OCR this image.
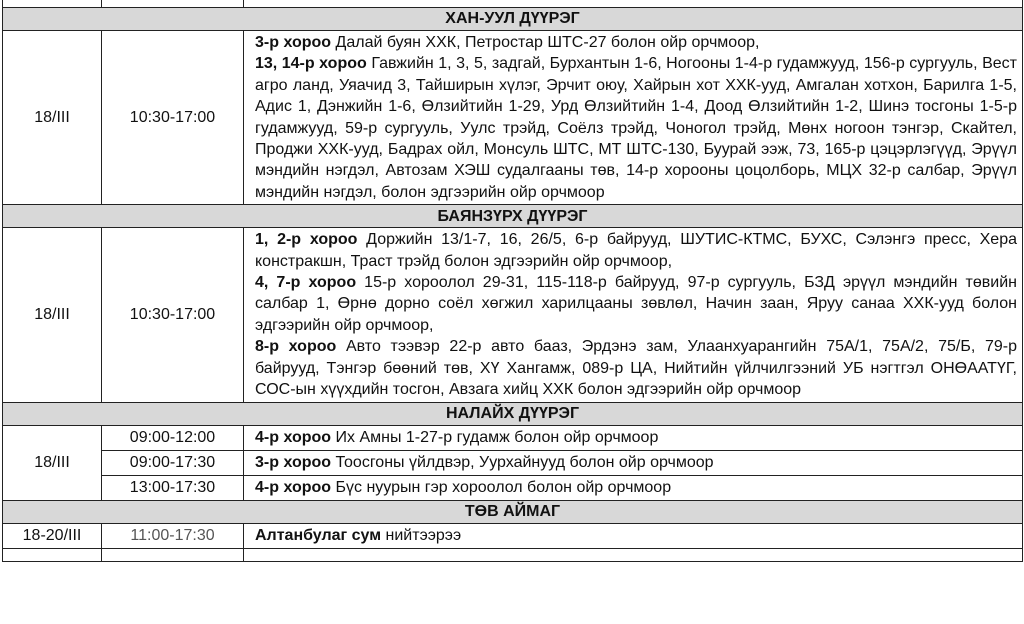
ХАН-УУЛ ДҮҮРЭГ		
18/III	10:30-17:00	3-р хороо Далай буян ХХК, Петростар ШТС-27 болон ойр орчмоор,
13, 14-р хороо Гавжийн 1, 3, 5, задгай, Бурхантын 1-6, Ногооны 1-4-р гудамжууд, 156-р сургууль, Вест агро ланд, Уяачид 3, Тайширын хүлэг, Эрчит оюу, Хайрын хот ХХК-ууд, Амгалан хотхон, Барилга 1-5, Адис 1, Дэнжийн 1-6, Өлзийтийн 1-29, Урд Өлзийтийн 1-4, Доод Өлзийтийн 1-2, Шинэ тосгоны 1-5-р гудамжууд, 59-р сургууль, Уулс трэйд, Соёлз трэйд, Чоногол трэйд, Мөнх ногоон тэнгэр, Скайтел, Проджи ХХК-ууд, Бадрах ойл, Монсуль ШТС, МТ ШТС-130, Буурай ээж, 73, 165-р цэцэрлэгүүд, Эрүүл мэндийн нэгдэл, Автозам ХЭШ судалгааны төв, 14-р хорооны цоцолборь, МЦХ 32-р салбар, Эрүүл мэндийн нэгдэл, болон эдгээрийн ойр орчмоор

БАЯНЗҮРХ ДҮҮРЭГ		
18/III	10:30-17:00	1, 2-р хороо Доржийн 13/1-7, 16, 26/5, 6-р байрууд, ШУТИС-КТМС, БУХС, Сэлэнгэ пресс, Хера констракшн, Траст трэйд болон эдгээрийн ойр орчмоор,
4, 7-р хороо 15-р хороолол 29-31, 115-118-р байрууд, 97-р сургууль, БЗД эрүүл мэндийн төвийн салбар 1, Өрнө дорно соёл хөгжил харилцааны зөвлөл, Начин заан, Яруу санаа ХХК-ууд болон эдгээрийн ойр орчмоор,
8-р хороо Авто тээвэр 22-р авто бааз, Эрдэнэ зам, Улаанхуарангийн 75А/1, 75А/2, 75/Б, 79-р байрууд, Тэнгэр бөөний төв, ХҮ Хангамж, 089-р ЦА, Нийтийн үйлчилгээний УБ нэгтгэл ОНӨААТҮГ, СОС-ын хүүхдийн тосгон, Авзага хийц ХХК болон эдгээрийн ойр орчмоор

НАЛАЙХ ДҮҮРЭГ		
18/III	09:00-12:00	4-р хороо Их Амны 1-27-р гудамж болон ойр орчмоор
	09:00-17:30	3-р хороо Тоосгоны үйлдвэр, Уурхайнууд болон ойр орчмоор
	13:00-17:30	4-р хороо Бүс нуурын гэр хороолол болон ойр орчмоор
ТӨВ АЙМАГ		
18-20/III	11:00-17:30	Алтанбулаг сум нийтээрээ
